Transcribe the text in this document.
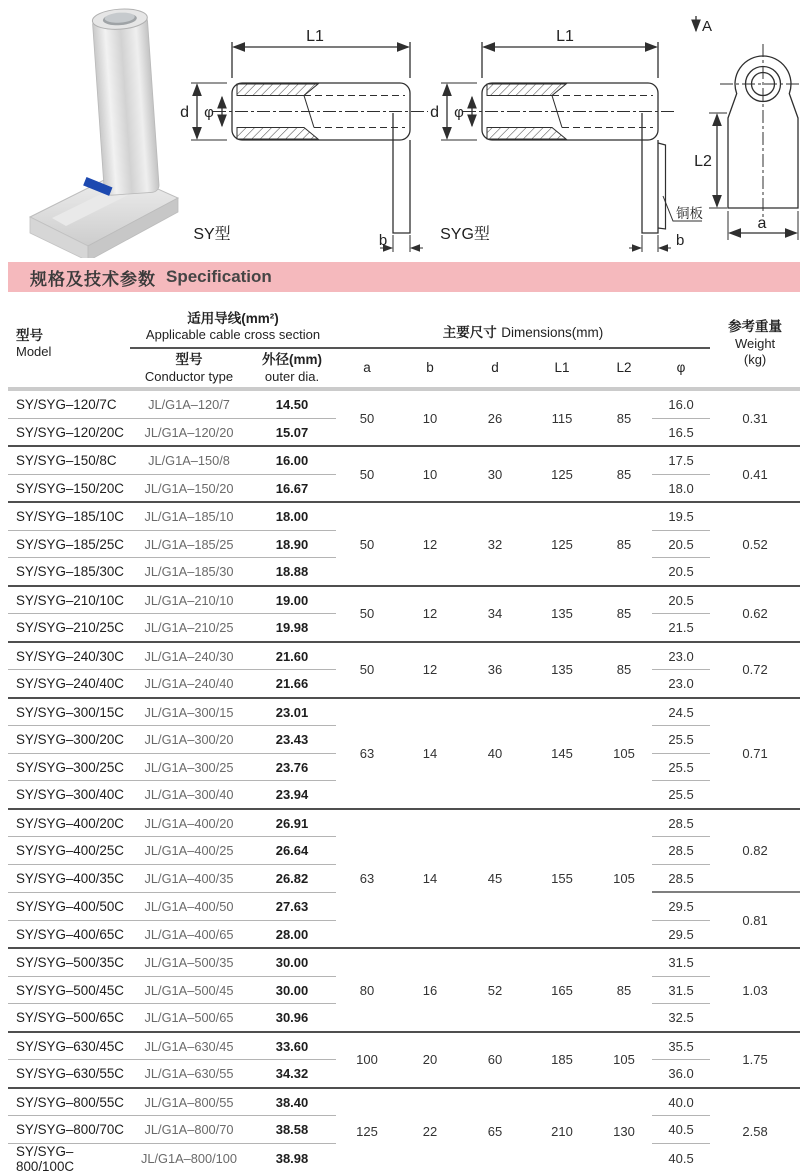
L1
d φ
b
SY型
L1
d φ
b
铜板
SYG型
A
L2
a
规格及技术参数 Specification
型号
Model	适用导线(mm²)
Applicable cable cross section		主要尺寸 Dimensions(mm)						参考重量
Weight
(kg)

	型号
Conductor type	外径(mm)
outer dia.	a	b	d	L1	L2	φ	
SY/SYG–120/7C	JL/G1A–120/7	14.50	50	10	26	115	85	16.0	0.31
SY/SYG–120/20C	JL/G1A–120/20	15.07						16.5	
SY/SYG–150/8C	JL/G1A–150/8	16.00	50	10	30	125	85	17.5	0.41
SY/SYG–150/20C	JL/G1A–150/20	16.67						18.0	
SY/SYG–185/10C	JL/G1A–185/10	18.00	50	12	32	125	85	19.5	0.52
SY/SYG–185/25C	JL/G1A–185/25	18.90						20.5	
SY/SYG–185/30C	JL/G1A–185/30	18.88						20.5	
SY/SYG–210/10C	JL/G1A–210/10	19.00	50	12	34	135	85	20.5	0.62
SY/SYG–210/25C	JL/G1A–210/25	19.98						21.5	
SY/SYG–240/30C	JL/G1A–240/30	21.60	50	12	36	135	85	23.0	0.72
SY/SYG–240/40C	JL/G1A–240/40	21.66						23.0	
SY/SYG–300/15C	JL/G1A–300/15	23.01	63	14	40	145	105	24.5	0.71
SY/SYG–300/20C	JL/G1A–300/20	23.43						25.5	
SY/SYG–300/25C	JL/G1A–300/25	23.76						25.5	
SY/SYG–300/40C	JL/G1A–300/40	23.94						25.5	
SY/SYG–400/20C	JL/G1A–400/20	26.91	63	14	45	155	105	28.5	0.82
SY/SYG–400/25C	JL/G1A–400/25	26.64						28.5	
SY/SYG–400/35C	JL/G1A–400/35	26.82						28.5	
SY/SYG–400/50C	JL/G1A–400/50	27.63						29.5	0.81
SY/SYG–400/65C	JL/G1A–400/65	28.00						29.5	
SY/SYG–500/35C	JL/G1A–500/35	30.00	80	16	52	165	85	31.5	1.03
SY/SYG–500/45C	JL/G1A–500/45	30.00						31.5	
SY/SYG–500/65C	JL/G1A–500/65	30.96						32.5	
SY/SYG–630/45C	JL/G1A–630/45	33.60	100	20	60	185	105	35.5	1.75
SY/SYG–630/55C	JL/G1A–630/55	34.32						36.0	
SY/SYG–800/55C	JL/G1A–800/55	38.40	125	22	65	210	130	40.0	2.58
SY/SYG–800/70C	JL/G1A–800/70	38.58						40.5	
SY/SYG–800/100C	JL/G1A–800/100	38.98						40.5	
